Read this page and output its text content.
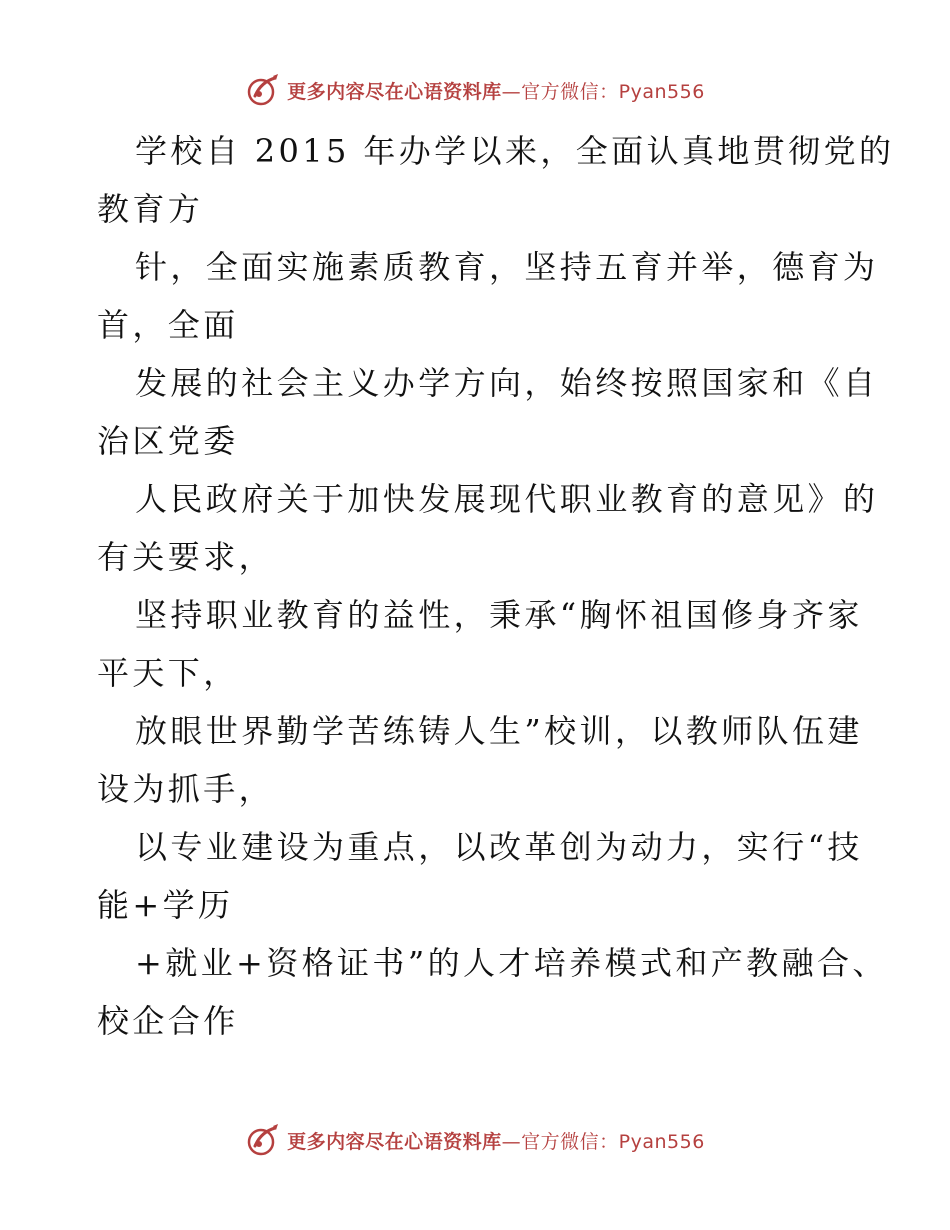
更多内容尽在心语资料库—官方微信：Pyan556
学校自 2015 年办学以来，全面认真地贯彻党的
教育方
针，全面实施素质教育，坚持五育并举，德育为
首，全面
发展的社会主义办学方向，始终按照国家和《自
治区党委
人民政府关于加快发展现代职业教育的意见》的
有关要求，
坚持职业教育的益性，秉承“胸怀祖国修身齐家
平天下，
放眼世界勤学苦练铸人生”校训，以教师队伍建
设为抓手，
以专业建设为重点，以改革创为动力，实行“技
能+学历
+就业+资格证书”的人才培养模式和产教融合、
校企合作
更多内容尽在心语资料库—官方微信：Pyan556
